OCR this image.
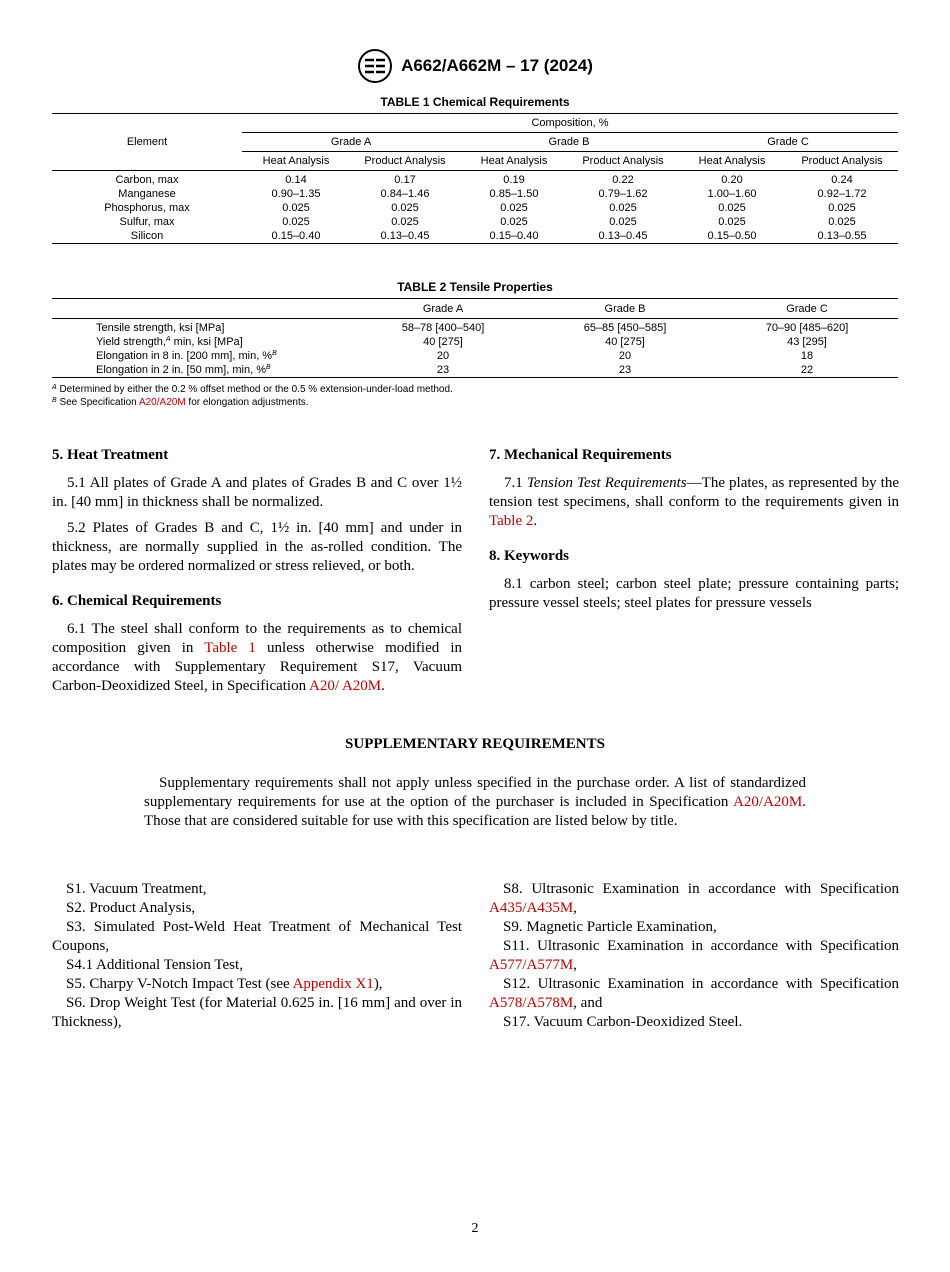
A662/A662M – 17 (2024)
TABLE 1 Chemical Requirements
Element	Composition, %					
	Grade A		Grade B		Grade C	
	Heat Analysis	Product Analysis	Heat Analysis	Product Analysis	Heat Analysis	Product Analysis
Carbon, max	0.14	0.17	0.19	0.22	0.20	0.24
Manganese	0.90–1.35	0.84–1.46	0.85–1.50	0.79–1.62	1.00–1.60	0.92–1.72
Phosphorus, max	0.025	0.025	0.025	0.025	0.025	0.025
Sulfur, max	0.025	0.025	0.025	0.025	0.025	0.025
Silicon	0.15–0.40	0.13–0.45	0.15–0.40	0.13–0.45	0.15–0.50	0.13–0.55
TABLE 2 Tensile Properties
	Grade A	Grade B	Grade C
Tensile strength, ksi [MPa]	58–78 [400–540]	65–85 [450–585]	70–90 [485–620]
Yield strength,$^A$ min, ksi [MPa]	40 [275]	40 [275]	43 [295]
Elongation in 8 in. [200 mm], min, %$^B$	20	20	18
Elongation in 2 in. [50 mm], min, %$^B$	23	23	22
$^A$ Determined by either the 0.2 % offset method or the 0.5 % extension-under-load method.
$^B$ See Specification A20/A20M for elongation adjustments.
5. Heat Treatment

5.1 All plates of Grade A and plates of Grades B and C over 1½ in. [40 mm] in thickness shall be normalized.

5.2 Plates of Grades B and C, 1½ in. [40 mm] and under in thickness, are normally supplied in the as-rolled condition. The plates may be ordered normalized or stress relieved, or both.

6. Chemical Requirements

6.1 The steel shall conform to the requirements as to chemical composition given in Table 1 unless otherwise modified in accordance with Supplementary Requirement S17, Vacuum Carbon-Deoxidized Steel, in Specification A20/ A20M.

7. Mechanical Requirements

7.1 Tension Test Requirements—The plates, as represented by the tension test specimens, shall conform to the requirements given in Table 2.

8. Keywords

8.1 carbon steel; carbon steel plate; pressure containing parts; pressure vessel steels; steel plates for pressure vessels

SUPPLEMENTARY REQUIREMENTS

Supplementary requirements shall not apply unless specified in the purchase order. A list of standardized supplementary requirements for use at the option of the purchaser is included in Specification A20/A20M. Those that are considered suitable for use with this specification are listed below by title.

S1. Vacuum Treatment,

S2. Product Analysis,

S3. Simulated Post-Weld Heat Treatment of Mechanical Test Coupons,

S4.1 Additional Tension Test,

S5. Charpy V-Notch Impact Test (see Appendix X1),

S6. Drop Weight Test (for Material 0.625 in. [16 mm] and over in Thickness),

S8. Ultrasonic Examination in accordance with Specification A435/A435M,

S9. Magnetic Particle Examination,

S11. Ultrasonic Examination in accordance with Specification A577/A577M,

S12. Ultrasonic Examination in accordance with Specification A578/A578M, and

S17. Vacuum Carbon-Deoxidized Steel.

2
